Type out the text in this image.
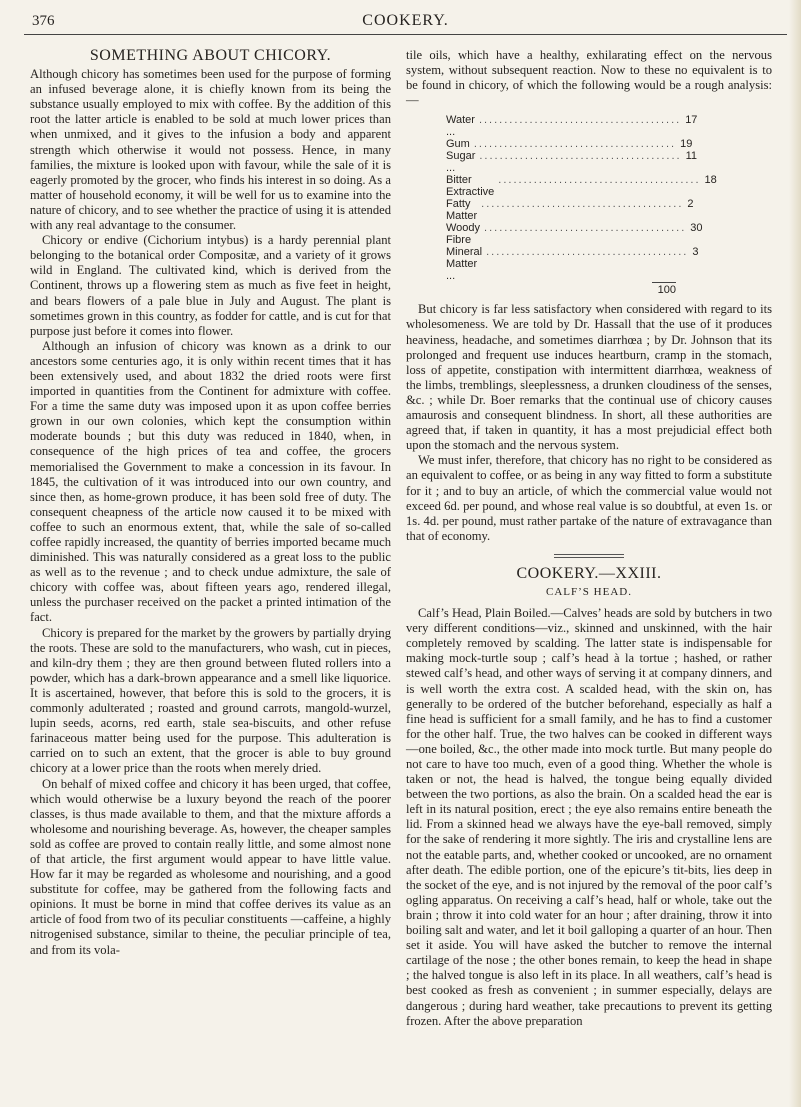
376	COOKERY.
SOMETHING ABOUT CHICORY.

Although chicory has sometimes been used for the purpose of forming an infused beverage alone, it is chiefly known from its being the substance usually employed to mix with coffee. By the addition of this root the latter article is enabled to be sold at much lower prices than when unmixed, and it gives to the infusion a body and apparent strength which otherwise it would not possess. Hence, in many families, the mixture is looked upon with favour, while the sale of it is eagerly promoted by the grocer, who finds his interest in so doing. As a matter of household economy, it will be well for us to examine into the nature of chicory, and to see whether the practice of using it is attended with any real advantage to the consumer.

Chicory or endive (Cichorium intybus) is a hardy perennial plant belonging to the botanical order Compositæ, and a variety of it grows wild in England. The cultivated kind, which is derived from the Continent, throws up a flowering stem as much as five feet in height, and bears flowers of a pale blue in July and August. The plant is sometimes grown in this country, as fodder for cattle, and is cut for that purpose just before it comes into flower.

Although an infusion of chicory was known as a drink to our ancestors some centuries ago, it is only within recent times that it has been extensively used, and about 1832 the dried roots were first imported in quantities from the Continent for admixture with coffee. For a time the same duty was imposed upon it as upon coffee berries grown in our own colonies, which kept the consumption within moderate bounds ; but this duty was reduced in 1840, when, in consequence of the high prices of tea and coffee, the grocers memorialised the Government to make a concession in its favour. In 1845, the cultivation of it was introduced into our own country, and since then, as home-grown produce, it has been sold free of duty. The consequent cheapness of the article now caused it to be mixed with coffee to such an enormous extent, that, while the sale of so-called coffee rapidly increased, the quantity of berries imported became much diminished. This was naturally considered as a great loss to the public as well as to the revenue ; and to check undue admixture, the sale of chicory with coffee was, about fifteen years ago, rendered illegal, unless the purchaser received on the packet a printed intimation of the fact.

Chicory is prepared for the market by the growers by partially drying the roots. These are sold to the manufacturers, who wash, cut in pieces, and kiln-dry them ; they are then ground between fluted rollers into a powder, which has a dark-brown appearance and a smell like liquorice. It is ascertained, however, that before this is sold to the grocers, it is commonly adulterated ; roasted and ground carrots, mangold-wurzel, lupin seeds, acorns, red earth, stale sea-biscuits, and other refuse farinaceous matter being used for the purpose. This adulteration is carried on to such an extent, that the grocer is able to buy ground chicory at a lower price than the roots when merely dried.

On behalf of mixed coffee and chicory it has been urged, that coffee, which would otherwise be a luxury beyond the reach of the poorer classes, is thus made available to them, and that the mixture affords a wholesome and nourishing beverage. As, however, the cheaper samples sold as coffee are proved to contain really little, and some almost none of that article, the first argument would appear to have little value. How far it may be regarded as wholesome and nourishing, and a good substitute for coffee, may be gathered from the following facts and opinions. It must be borne in mind that coffee derives its value as an article of food from two of its peculiar constituents —caffeine, a highly nitrogenised substance, similar to theine, the peculiar principle of tea, and from its vola-

tile oils, which have a healthy, exhilarating effect on the nervous system, without subsequent reaction. Now to these no equivalent is to be found in chicory, of which the following would be a rough analysis:—

Water ...
........................................ 17
Gum ........................................ 19
Sugar ...
........................................ 11
Bitter Extractive
........................................ 18
Fatty Matter
........................................ 2
Woody Fibre
........................................ 30
Mineral Matter ...
........................................ 3
100

But chicory is far less satisfactory when considered with regard to its wholesomeness. We are told by Dr. Hassall that the use of it produces heaviness, headache, and sometimes diarrhœa ; by Dr. Johnson that its prolonged and frequent use induces heartburn, cramp in the stomach, loss of appetite, constipation with intermittent diarrhœa, weakness of the limbs, tremblings, sleeplessness, a drunken cloudiness of the senses, &c. ; while Dr. Boer remarks that the continual use of chicory causes amaurosis and consequent blindness. In short, all these authorities are agreed that, if taken in quantity, it has a most prejudicial effect both upon the stomach and the nervous system.

We must infer, therefore, that chicory has no right to be considered as an equivalent to coffee, or as being in any way fitted to form a substitute for it ; and to buy an article, of which the commercial value would not exceed 6d. per pound, and whose real value is so doubtful, at even 1s. or 1s. 4d. per pound, must rather partake of the nature of extravagance than that of economy.

COOKERY.—XXIII.
CALF’S HEAD.

Calf’s Head, Plain Boiled.—Calves’ heads are sold by butchers in two very different conditions—viz., skinned and unskinned, with the hair completely removed by scalding. The latter state is indispensable for making mock-turtle soup ; calf’s head à la tortue ; hashed, or rather stewed calf’s head, and other ways of serving it at company dinners, and is well worth the extra cost. A scalded head, with the skin on, has generally to be ordered of the butcher beforehand, especially as half a fine head is sufficient for a small family, and he has to find a customer for the other half. True, the two halves can be cooked in different ways—one boiled, &c., the other made into mock turtle. But many people do not care to have too much, even of a good thing. Whether the whole is taken or not, the head is halved, the tongue being equally divided between the two portions, as also the brain. On a scalded head the ear is left in its natural position, erect ; the eye also remains entire beneath the lid. From a skinned head we always have the eye-ball removed, simply for the sake of rendering it more sightly. The iris and crystalline lens are not the eatable parts, and, whether cooked or uncooked, are no ornament after death. The edible portion, one of the epicure’s tit-bits, lies deep in the socket of the eye, and is not injured by the removal of the poor calf’s ogling apparatus. On receiving a calf’s head, half or whole, take out the brain ; throw it into cold water for an hour ; after draining, throw it into boiling salt and water, and let it boil galloping a quarter of an hour. Then set it aside. You will have asked the butcher to remove the internal cartilage of the nose ; the other bones remain, to keep the head in shape ; the halved tongue is also left in its place. In all weathers, calf’s head is best cooked as fresh as convenient ; in summer especially, delays are dangerous ; during hard weather, take precautions to prevent its getting frozen. After the above preparation
